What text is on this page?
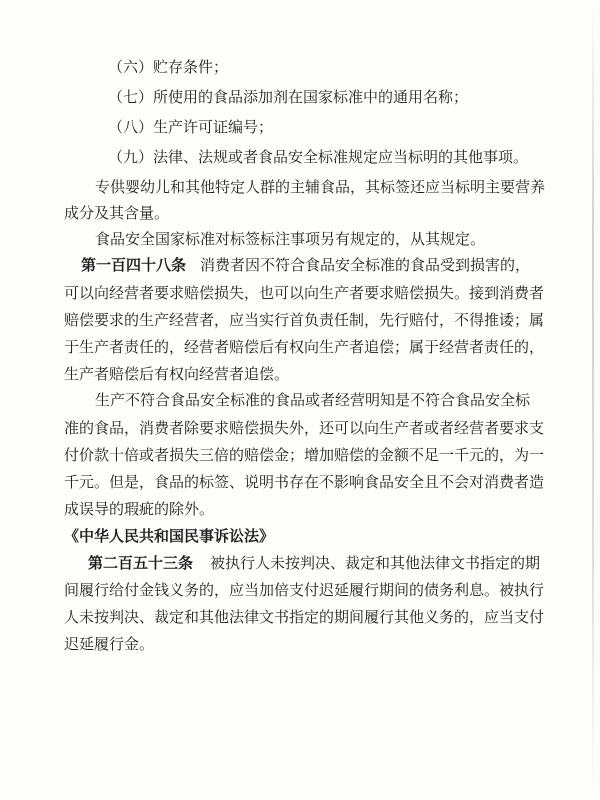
（六）贮存条件；
（七）所使用的食品添加剂在国家标准中的通用名称；
（八）生产许可证编号；
（九）法律、法规或者食品安全标准规定应当标明的其他事项。
专供婴幼儿和其他特定人群的主辅食品，其标签还应当标明主要营养
成分及其含量。
食品安全国家标准对标签标注事项另有规定的，从其规定。
第一百四十八条 消费者因不符合食品安全标准的食品受到损害的，
可以向经营者要求赔偿损失，也可以向生产者要求赔偿损失。接到消费者
赔偿要求的生产经营者，应当实行首负责任制，先行赔付，不得推诿；属
于生产者责任的，经营者赔偿后有权向生产者追偿；属于经营者责任的，
生产者赔偿后有权向经营者追偿。
生产不符合食品安全标准的食品或者经营明知是不符合食品安全标
准的食品，消费者除要求赔偿损失外，还可以向生产者或者经营者要求支
付价款十倍或者损失三倍的赔偿金；增加赔偿的金额不足一千元的，为一
千元。但是，食品的标签、说明书存在不影响食品安全且不会对消费者造
成误导的瑕疵的除外。
《中华人民共和国民事诉讼法》
第二百五十三条 被执行人未按判决、裁定和其他法律文书指定的期
间履行给付金钱义务的，应当加倍支付迟延履行期间的债务利息。被执行
人未按判决、裁定和其他法律文书指定的期间履行其他义务的，应当支付
迟延履行金。
